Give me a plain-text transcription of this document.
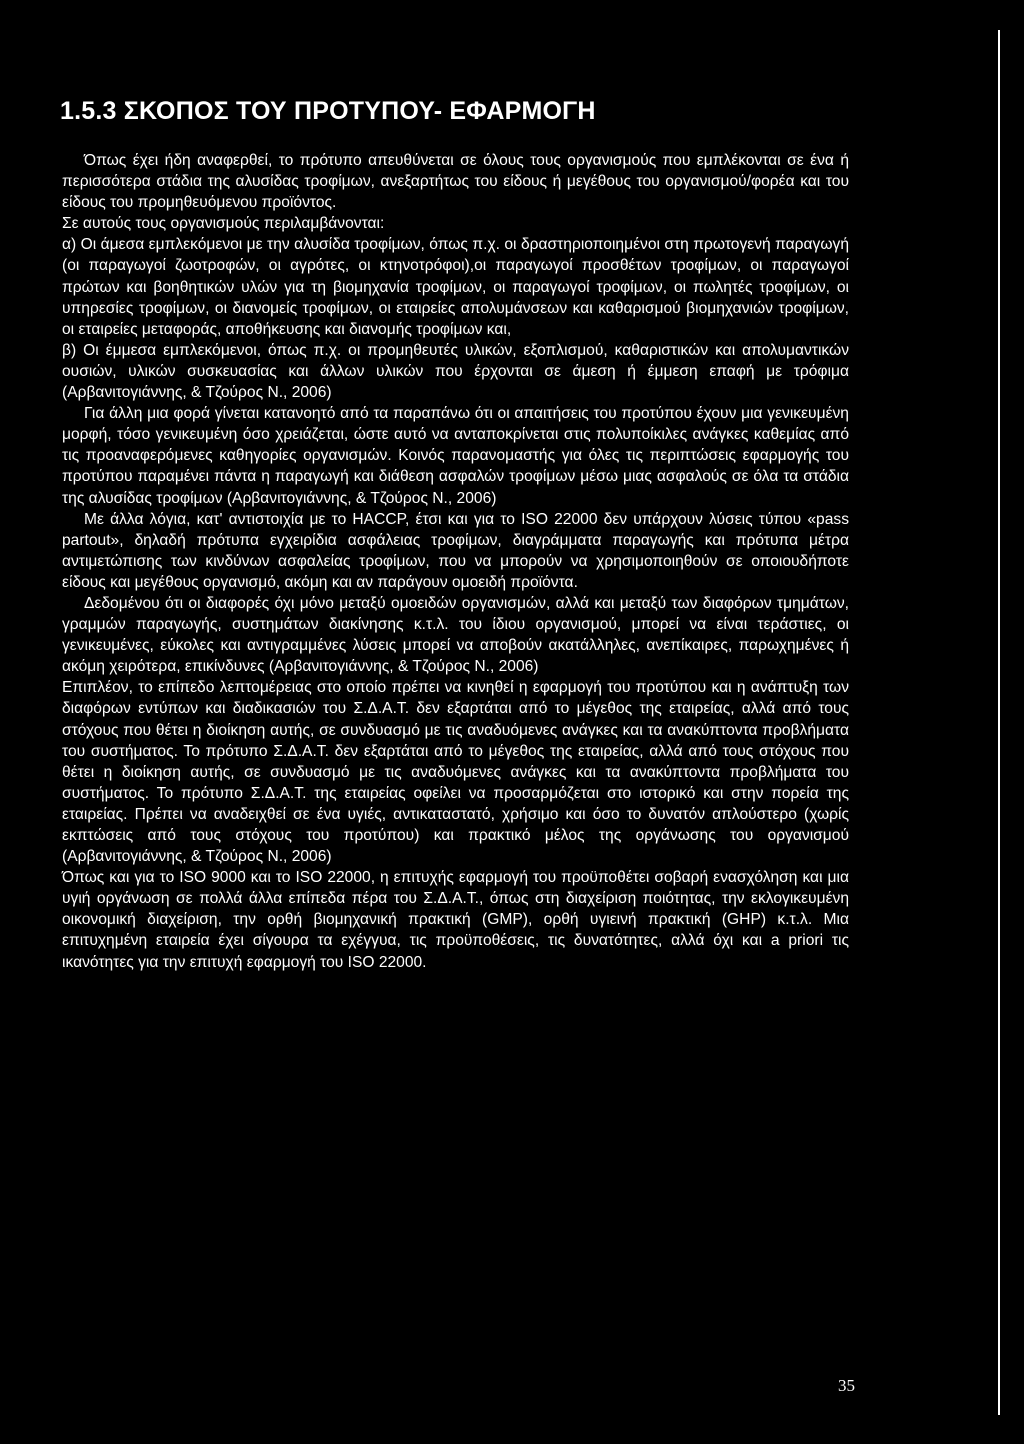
1.5.3 ΣΚΟΠΟΣ ΤΟΥ ΠΡΟΤΥΠΟΥ- ΕΦΑΡΜΟΓΗ

Όπως έχει ήδη αναφερθεί, το πρότυπο απευθύνεται σε όλους τους οργανισμούς που εμπλέκονται σε ένα ή περισσότερα στάδια της αλυσίδας τροφίμων, ανεξαρτήτως του είδους ή μεγέθους του οργανισμού/φορέα και του είδους του προμηθευόμενου προϊόντος.

Σε αυτούς τους οργανισμούς περιλαμβάνονται:

α) Οι άμεσα εμπλεκόμενοι με την αλυσίδα τροφίμων, όπως π.χ. οι δραστηριοποιημένοι στη πρωτογενή παραγωγή (οι παραγωγοί ζωοτροφών, οι αγρότες, οι κτηνοτρόφοι),οι παραγωγοί προσθέτων τροφίμων, οι παραγωγοί πρώτων και βοηθητικών υλών για τη βιομηχανία τροφίμων, οι παραγωγοί τροφίμων, οι πωλητές τροφίμων, οι υπηρεσίες τροφίμων, οι διανομείς τροφίμων, οι εταιρείες απολυμάνσεων και καθαρισμού βιομηχανιών τροφίμων, οι εταιρείες μεταφοράς, αποθήκευσης και διανομής τροφίμων και,

β) Οι έμμεσα εμπλεκόμενοι, όπως π.χ. οι προμηθευτές υλικών, εξοπλισμού, καθαριστικών και απολυμαντικών ουσιών, υλικών συσκευασίας και άλλων υλικών που έρχονται σε άμεση ή έμμεση επαφή με τρόφιμα (Αρβανιτογιάννης, & Τζούρος Ν., 2006)

Για άλλη μια φορά γίνεται κατανοητό από τα παραπάνω ότι οι απαιτήσεις του προτύπου έχουν μια γενικευμένη μορφή, τόσο γενικευμένη όσο χρειάζεται, ώστε αυτό να ανταποκρίνεται στις πολυποίκιλες ανάγκες καθεμίας από τις προαναφερόμενες καθηγορίες οργανισμών. Κοινός παρανομαστής για όλες τις περιπτώσεις εφαρμογής του προτύπου παραμένει πάντα η παραγωγή και διάθεση ασφαλών τροφίμων μέσω μιας ασφαλούς σε όλα τα στάδια της αλυσίδας τροφίμων (Αρβανιτογιάννης, & Τζούρος Ν., 2006)

Με άλλα λόγια, κατ' αντιστοιχία με το HACCP, έτσι και για το ISO 22000 δεν υπάρχουν λύσεις τύπου «pass partout», δηλαδή πρότυπα εγχειρίδια ασφάλειας τροφίμων, διαγράμματα παραγωγής και πρότυπα μέτρα αντιμετώπισης των κινδύνων ασφαλείας τροφίμων, που να μπορούν να χρησιμοποιηθούν σε οποιουδήποτε είδους και μεγέθους οργανισμό, ακόμη και αν παράγουν ομοειδή προϊόντα.

Δεδομένου ότι οι διαφορές όχι μόνο μεταξύ ομοειδών οργανισμών, αλλά και μεταξύ των διαφόρων τμημάτων, γραμμών παραγωγής, συστημάτων διακίνησης κ.τ.λ. του ίδιου οργανισμού, μπορεί να είναι τεράστιες, οι γενικευμένες, εύκολες και αντιγραμμένες λύσεις μπορεί να αποβούν ακατάλληλες, ανεπίκαιρες, παρωχημένες ή ακόμη χειρότερα, επικίνδυνες (Αρβανιτογιάννης, & Τζούρος Ν., 2006)

Επιπλέον, το επίπεδο λεπτομέρειας στο οποίο πρέπει να κινηθεί η εφαρμογή του προτύπου και η ανάπτυξη των διαφόρων εντύπων και διαδικασιών του Σ.Δ.Α.Τ. δεν εξαρτάται από το μέγεθος της εταιρείας, αλλά από τους στόχους που θέτει η διοίκηση αυτής, σε συνδυασμό με τις αναδυόμενες ανάγκες και τα ανακύπτοντα προβλήματα του συστήματος. Το πρότυπο Σ.Δ.Α.Τ. δεν εξαρτάται από το μέγεθος της εταιρείας, αλλά από τους στόχους που θέτει η διοίκηση αυτής, σε συνδυασμό με τις αναδυόμενες ανάγκες και τα ανακύπτοντα προβλήματα του συστήματος. Το πρότυπο Σ.Δ.Α.Τ. της εταιρείας οφείλει να προσαρμόζεται στο ιστορικό και στην πορεία της εταιρείας. Πρέπει να αναδειχθεί σε ένα υγιές, αντικαταστατό, χρήσιμο και όσο το δυνατόν απλούστερο (χωρίς εκπτώσεις από τους στόχους του προτύπου) και πρακτικό μέλος της οργάνωσης του οργανισμού (Αρβανιτογιάννης, & Τζούρος Ν., 2006)

Όπως και για το ISO 9000 και το ISO 22000, η επιτυχής εφαρμογή του προϋποθέτει σοβαρή ενασχόληση και μια υγιή οργάνωση σε πολλά άλλα επίπεδα πέρα του Σ.Δ.Α.Τ., όπως στη διαχείριση ποιότητας, την εκλογικευμένη οικονομική διαχείριση, την ορθή βιομηχανική πρακτική (GMP), ορθή υγιεινή πρακτική (GHP) κ.τ.λ. Μια επιτυχημένη εταιρεία έχει σίγουρα τα εχέγγυα, τις προϋποθέσεις, τις δυνατότητες, αλλά όχι και a priori τις ικανότητες για την επιτυχή εφαρμογή του ISO 22000.

35
